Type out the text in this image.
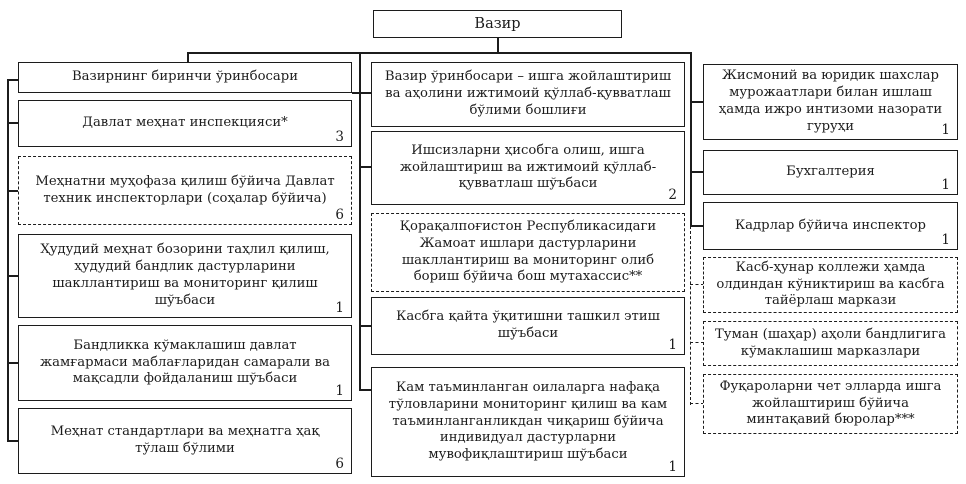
Вазир
Вазирнинг биринчи ўринбосари
Давлат меҳнат инспекцияси*
3
Меҳнатни муҳофаза қилиш бўйича Давлат техник инспекторлари (соҳалар бўйича)
6
Ҳудудий меҳнат бозорини таҳлил қилиш, ҳудудий бандлик дастурларини шакллантириш ва мониторинг қилиш шўъбаси	1
Бандликка кўмаклашиш давлат жамғармаси маблағларидан самарали ва мақсадли фойдаланиш шўъбаси
1
Меҳнат стандартлари ва меҳнатга ҳақ тўлаш бўлими
6
Вазир ўринбосари – ишга жойлаштириш ва аҳолини ижтимоий қўллаб-қувватлаш бўлими бошлиғи
Ишсизларни ҳисобга олиш, ишга жойлаштириш ва ижтимоий қўллаб-қувватлаш шўъбаси
2
Қорақалпоғистон Республикасидаги Жамоат ишлари дастурларини шакллантириш ва мониторинг олиб бориш бўйича бош мутахассис**
Касбга қайта ўқитишни ташкил этиш шўъбаси
1
Кам таъминланган оилаларга нафақа тўловларини мониторинг қилиш ва кам таъминланганликдан чиқариш бўйича индивидуал дастурларни мувофиқлаштириш шўъбаси
1
Жисмоний ва юридик шахслар мурожаатлари билан ишлаш ҳамда ижро интизоми назорати гуруҳи	1
Бухгалтерия
1
Кадрлар бўйича инспектор
1
Касб-ҳунар коллежи ҳамда олдиндан кўниктириш ва касбга тайёрлаш маркази
Туман (шаҳар) аҳоли бандлигига кўмаклашиш марказлари
Фуқароларни чет элларда ишга жойлаштириш бўйича минтақавий бюролар***
